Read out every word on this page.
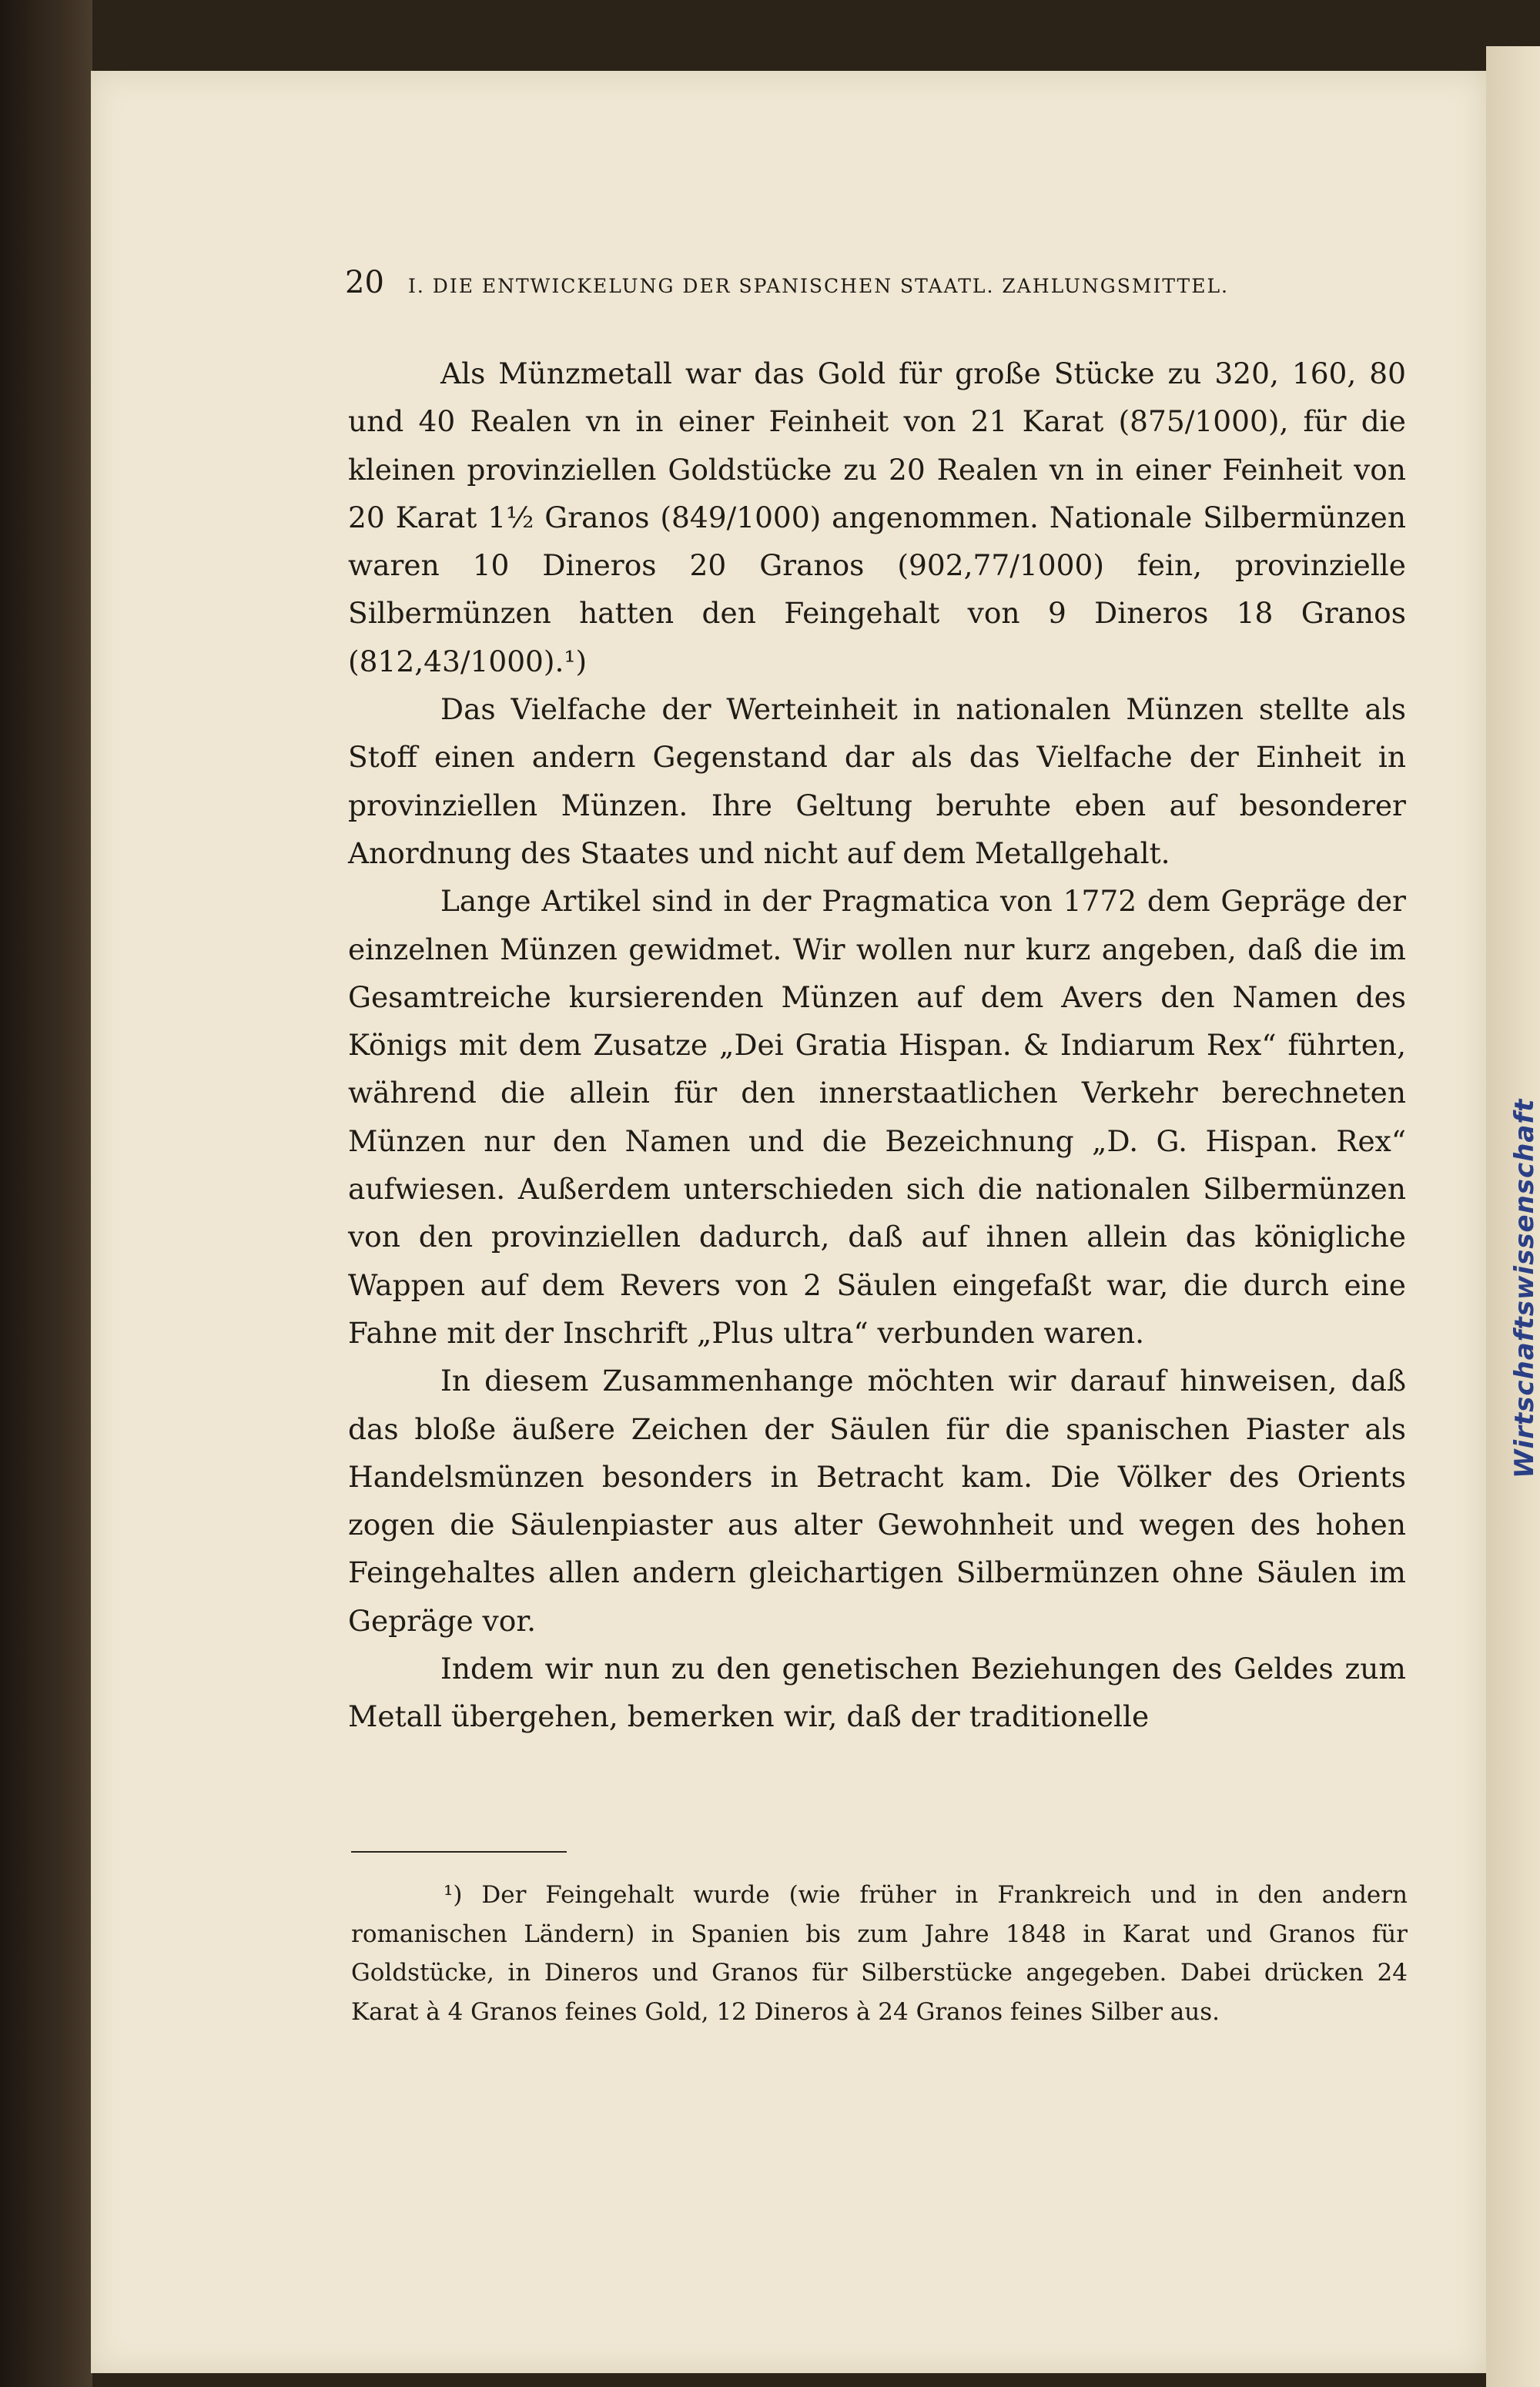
20 I. DIE ENTWICKELUNG DER SPANISCHEN STAATL. ZAHLUNGSMITTEL.

Als Münzmetall war das Gold für große Stücke zu 320, 160, 80 und 40 Realen vn in einer Feinheit von 21 Karat (875/1000), für die kleinen provinziellen Goldstücke zu 20 Realen vn in einer Feinheit von 20 Karat 1½ Granos (849/1000) angenommen. Nationale Silbermünzen waren 10 Dineros 20 Granos (902,77/1000) fein, provinzielle Silbermünzen hatten den Feingehalt von 9 Dineros 18 Granos (812,43/1000).¹)

Das Vielfache der Werteinheit in nationalen Münzen stellte als Stoff einen andern Gegenstand dar als das Vielfache der Einheit in provinziellen Münzen. Ihre Geltung beruhte eben auf besonderer Anordnung des Staates und nicht auf dem Metallgehalt.

Lange Artikel sind in der Pragmatica von 1772 dem Gepräge der einzelnen Münzen gewidmet. Wir wollen nur kurz angeben, daß die im Gesamtreiche kursierenden Münzen auf dem Avers den Namen des Königs mit dem Zusatze „Dei Gratia Hispan. & Indiarum Rex“ führten, während die allein für den innerstaatlichen Verkehr berechneten Münzen nur den Namen und die Bezeichnung „D. G. Hispan. Rex“ aufwiesen. Außerdem unterschieden sich die nationalen Silbermünzen von den provinziellen dadurch, daß auf ihnen allein das königliche Wappen auf dem Revers von 2 Säulen eingefaßt war, die durch eine Fahne mit der Inschrift „Plus ultra“ verbunden waren.

In diesem Zusammenhange möchten wir darauf hinweisen, daß das bloße äußere Zeichen der Säulen für die spanischen Piaster als Handelsmünzen besonders in Betracht kam. Die Völker des Orients zogen die Säulenpiaster aus alter Gewohnheit und wegen des hohen Feingehaltes allen andern gleichartigen Silbermünzen ohne Säulen im Gepräge vor.

Indem wir nun zu den genetischen Beziehungen des Geldes zum Metall übergehen, bemerken wir, daß der traditionelle

¹) Der Feingehalt wurde (wie früher in Frankreich und in den andern romanischen Ländern) in Spanien bis zum Jahre 1848 in Karat und Granos für Goldstücke, in Dineros und Granos für Silberstücke angegeben. Dabei drücken 24 Karat à 4 Granos feines Gold, 12 Dineros à 24 Granos feines Silber aus.

Wirtschaftswissenschaft
